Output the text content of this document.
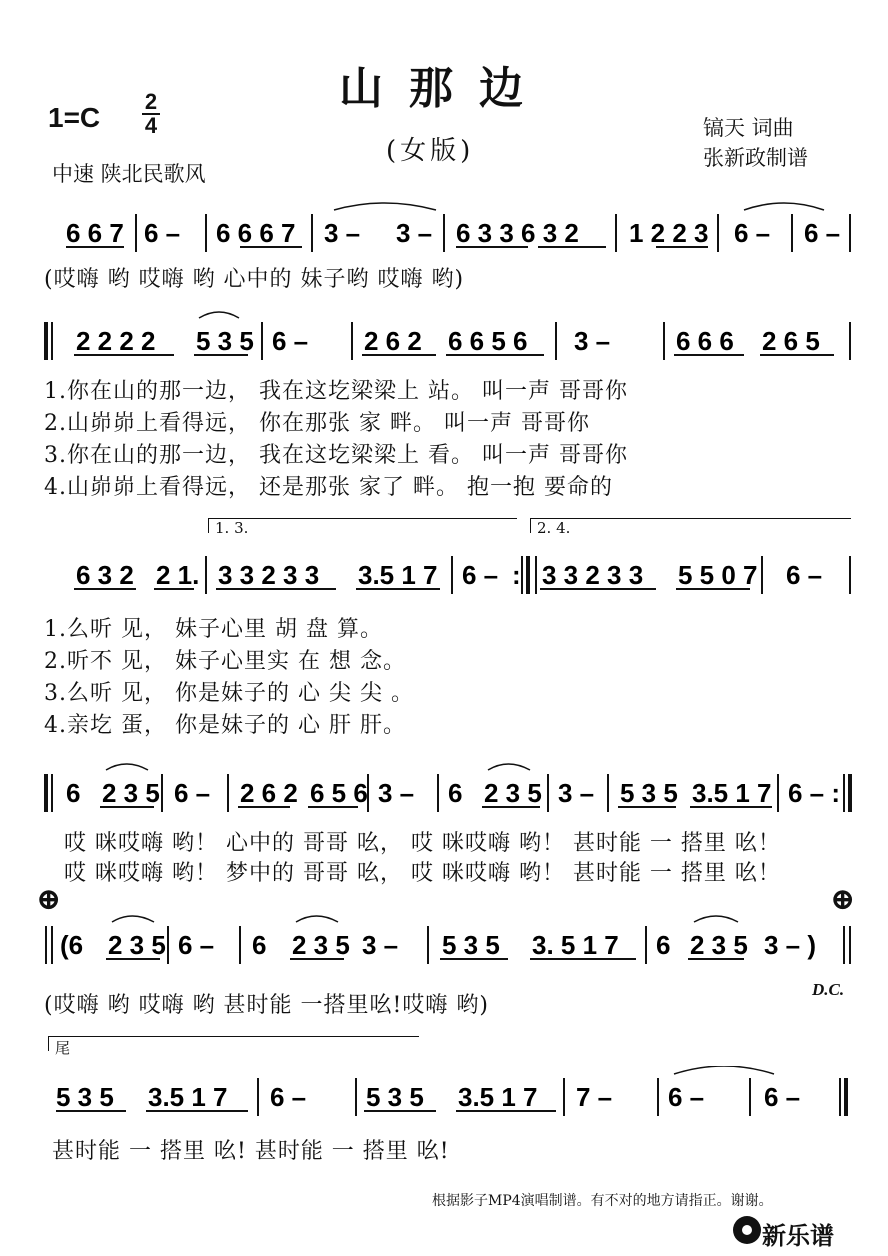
山那边
(女版)
1=C
2
4
中速 陕北民歌风
镐天 词曲
张新政制谱
6 6 7 6 – 6 6 6 7 3 – 3 – 6 3 3 6 3 2 1 2 2 3 6 – 6 –
(哎嗨 哟 哎嗨 哟 心中的 妹子哟 哎嗨 哟)
2 2 2 2 5 3 5 6 – 2 6 2 6 6 5 6 3 –	6 6 6 2 6 5
1.你在山的那一边， 我在这圪梁梁上 站。 叫一声 哥哥你
2.山峁峁上看得远， 你在那张 家 畔。 叫一声 哥哥你
3.你在山的那一边， 我在这圪梁梁上 看。 叫一声 哥哥你
4.山峁峁上看得远， 还是那张 家了 畔。 抱一抱 要命的
1. 3.	2. 4.
6 3 2 2 1. 3 3 2 3 3 3.5 1 7 6 – : 3 3 2 3 3 5 5 0 7 6 –
1.么听 见， 妹子心里 胡 盘 算。
2.听不 见， 妹子心里实 在 想 念。
3.么听 见， 你是妹子的 心 尖 尖 。
4.亲圪 蛋， 你是妹子的 心 肝 肝。
6 2 3 5 6 – 2 6 2 6 5 6 3 – 6 2 3 5 3 – 5 3 5 3.5 1 7 6 – :
哎 咪哎嗨 哟！ 心中的 哥哥 吆， 哎 咪哎嗨 哟！ 甚时能 一 搭里 吆！
哎 咪哎嗨 哟！ 梦中的 哥哥 吆， 哎 咪哎嗨 哟！ 甚时能 一 搭里 吆！
⊕	⊕
(6 2 3 5 6 – 6 2 3 5 3 – 5 3 5 3. 5 1 7 6 2 3 5 3 – )
(哎嗨 哟 哎嗨 哟 甚时能 一搭里吆!哎嗨 哟)
D.C.
尾
5 3 5 3.5 1 7 6 – 5 3 5 3.5 1 7 7 – 6 – 6 –
甚时能 一 搭里 吆! 甚时能 一 搭里 吆!
根据影子MP4演唱制谱。有不对的地方请指正。谢谢。
新乐谱
